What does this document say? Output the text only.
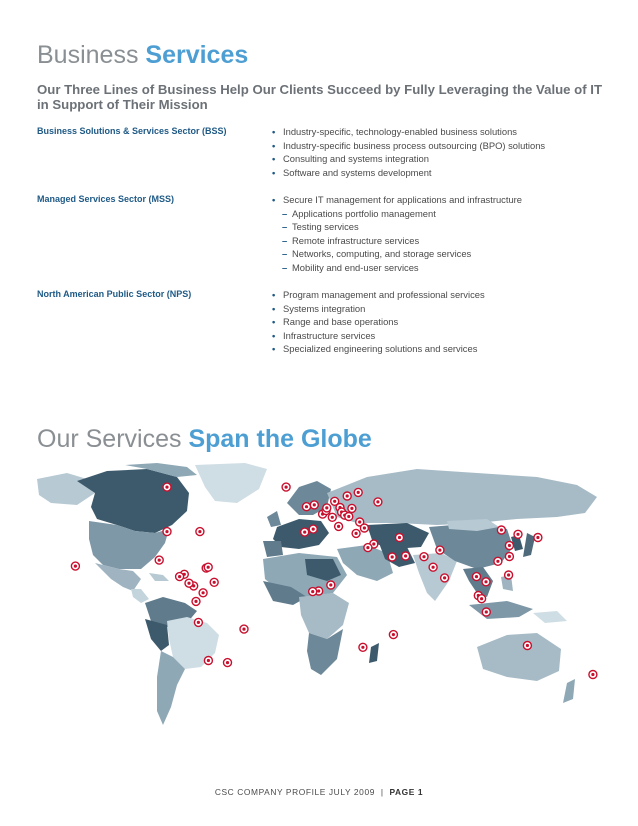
Business Services
Our Three Lines of Business Help Our Clients Succeed by Fully Leveraging the Value of IT in Support of Their Mission
Business Solutions & Services Sector (BSS)	• Industry-specific, technology-enabled business solutions
• Industry-specific business process outsourcing (BPO) solutions
• Consulting and systems integration
• Software and systems development
Managed Services Sector (MSS)	• Secure IT management for applications and infrastructure
– Applications portfolio management
– Testing services
– Remote infrastructure services
– Networks, computing, and storage services
– Mobility and end-user services
North American Public Sector (NPS)	• Program management and professional services
• Systems integration
• Range and base operations
• Infrastructure services
• Specialized engineering solutions and services
Our Services Span the Globe
CSC COMPANY PROFILE JULY 2009  |  PAGE 1
